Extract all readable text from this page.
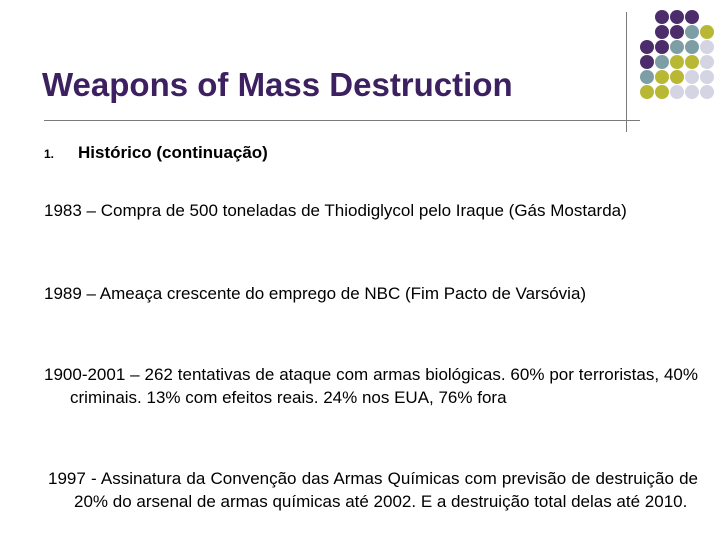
Weapons of Mass Destruction
1. Histórico (continuação)
1983 – Compra de 500 toneladas de Thiodiglycol pelo Iraque (Gás Mostarda)
1989 – Ameaça crescente do emprego de NBC (Fim Pacto de Varsóvia)
1900-2001 – 262 tentativas de ataque com armas biológicas. 60% por terroristas, 40% criminais. 13% com efeitos reais. 24% nos EUA, 76% fora
1997 - Assinatura da Convenção das Armas Químicas com previsão de destruição de 20% do arsenal de armas químicas até 2002. E a destruição total delas até 2010.
